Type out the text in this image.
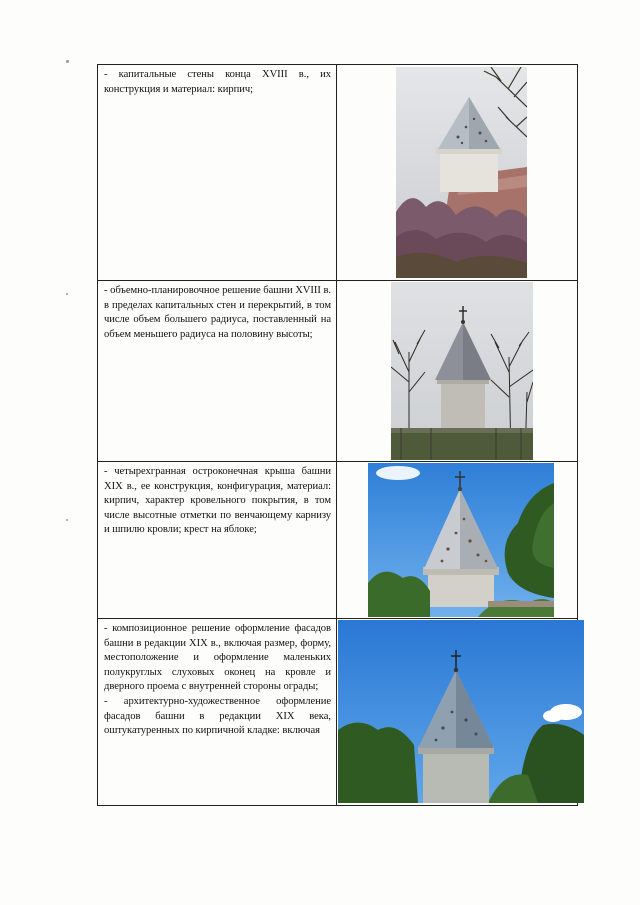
- капитальные стены конца XVIII в., их конструкция и материал: кирпич;

- объемно-планировочное решение башни XVIII в. в пределах капитальных стен и перекрытий, в том числе объем большего радиуса, поставленный на объем меньшего радиуса на половину высоты;

- четырехгранная остроконечная крыша башни XIX в., ее конструкция, конфигурация, материал: кирпич, характер кровельного покрытия, в том числе высотные отметки по венчающему карнизу и шпилю кровли; крест на яблоке;

- композиционное решение оформление фасадов башни в редакции XIX в., включая размер, форму, местоположение и оформление маленьких полукруглых слуховых оконец на кровле и дверного проема с внутренней стороны ограды;

- архитектурно-художественное оформление фасадов башни в редакции XIX века, оштукатуренных по кирпичной кладке: включая
